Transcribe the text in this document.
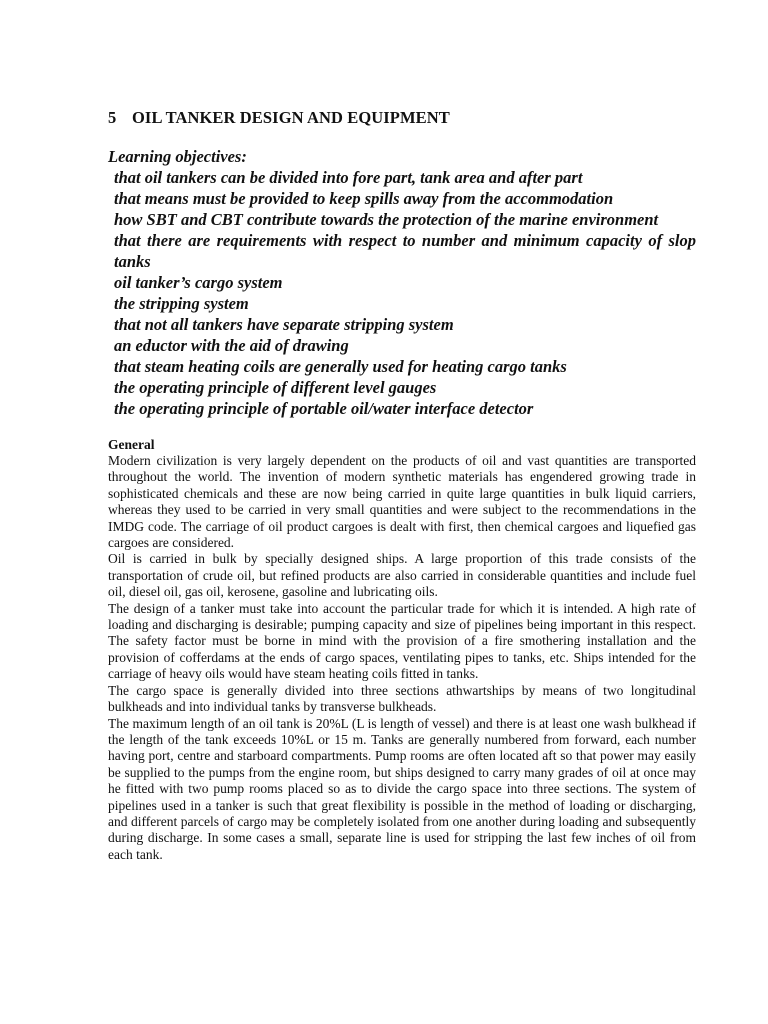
5 OIL TANKER DESIGN AND EQUIPMENT

Learning objectives:

that oil tankers can be divided into fore part, tank area and after part
that means must be provided to keep spills away from the accommodation
how SBT and CBT contribute towards the protection of the marine environment
that there are requirements with respect to number and minimum capacity of slop tanks
oil tanker’s cargo system
the stripping system
that not all tankers have separate stripping system
an eductor with the aid of drawing
that steam heating coils are generally used for heating cargo tanks
the operating principle of different level gauges
the operating principle of portable oil/water interface detector
General

Modern civilization is very largely dependent on the products of oil and vast quantities are transported throughout the world. The invention of modern synthetic materials has engendered growing trade in sophisticated chemicals and these are now being carried in quite large quantities in bulk liquid carriers, whereas they used to be carried in very small quantities and were subject to the recommendations in the IMDG code. The carriage of oil product cargoes is dealt with first, then chemical cargoes and liquefied gas cargoes are considered.

Oil is carried in bulk by specially designed ships. A large proportion of this trade consists of the transportation of crude oil, but refined products are also carried in considerable quantities and include fuel oil, diesel oil, gas oil, kerosene, gasoline and lubricating oils.

The design of a tanker must take into account the particular trade for which it is intended. A high rate of loading and discharging is desirable; pumping capacity and size of pipelines being important in this respect. The safety factor must be borne in mind with the provision of a fire smothering installation and the provision of cofferdams at the ends of cargo spaces, ventilating pipes to tanks, etc. Ships intended for the carriage of heavy oils would have steam heating coils fitted in tanks.

The cargo space is generally divided into three sections athwartships by means of two longitudinal bulkheads and into individual tanks by transverse bulkheads.

The maximum length of an oil tank is 20%L (L is length of vessel) and there is at least one wash bulkhead if the length of the tank exceeds 10%L or 15 m. Tanks are generally numbered from forward, each number having port, centre and starboard compartments. Pump rooms are often located aft so that power may easily be supplied to the pumps from the engine room, but ships designed to carry many grades of oil at once may he fitted with two pump rooms placed so as to divide the cargo space into three sections. The system of pipelines used in a tanker is such that great flexibility is possible in the method of loading or discharging, and different parcels of cargo may be completely isolated from one another during loading and subsequently during discharge. In some cases a small, separate line is used for stripping the last few inches of oil from each tank.
